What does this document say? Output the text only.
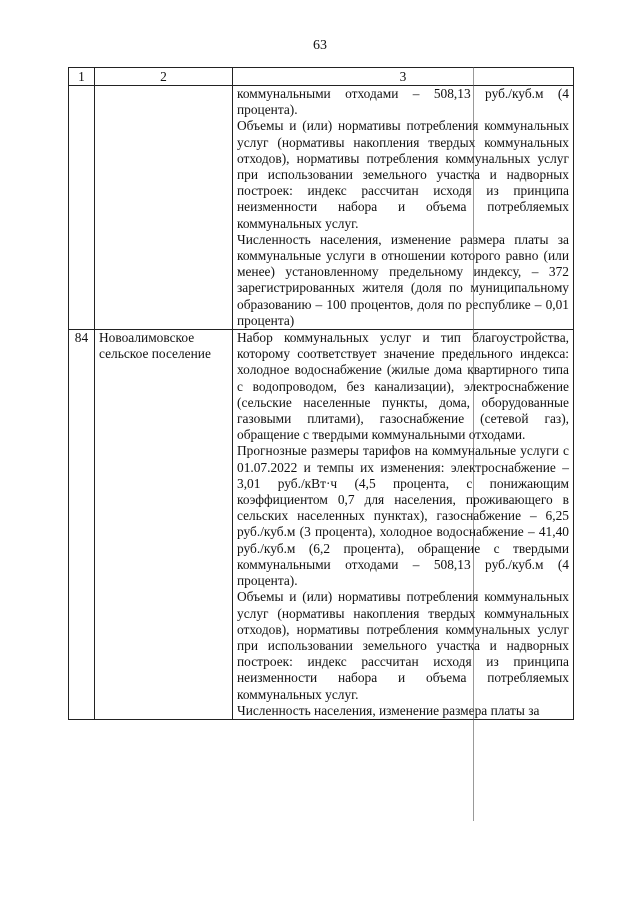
63
1	2	3

		коммунальными отходами – 508,13 руб./куб.м (4 процента).
Объемы и (или) нормативы потребления коммунальных услуг (нормативы накопления твердых коммунальных отходов), нормативы потребления коммунальных услуг при использовании земельного участка и надворных построек: индекс рассчитан исходя из принципа неизменности набора и объема потребляемых коммунальных услуг.
Численность населения, изменение размера платы за коммунальные услуги в отношении которого равно (или менее) установленному предельному индексу, – 372 зарегистрированных жителя (доля по муниципальному образованию – 100 процентов, доля по республике – 0,01 процента)

84	Новоалимовское сельское поселение	Набор коммунальных услуг и тип благоустройства, которому соответствует значение предельного индекса: холодное водоснабжение (жилые дома квартирного типа с водопроводом, без канализации), электроснабжение (сельские населенные пункты, дома, оборудованные газовыми плитами), газоснабжение (сетевой газ), обращение с твердыми коммунальными отходами.
Прогнозные размеры тарифов на коммунальные услуги с 01.07.2022 и темпы их изменения: электроснабжение – 3,01 руб./кВт·ч (4,5 процента, с понижающим коэффициентом 0,7 для населения, проживающего в сельских населенных пунктах), газоснабжение – 6,25 руб./куб.м (3 процента), холодное водоснабжение – 41,40 руб./куб.м (6,2 процента), обращение с твердыми коммунальными отходами – 508,13 руб./куб.м (4 процента).
Объемы и (или) нормативы потребления коммунальных услуг (нормативы накопления твердых коммунальных отходов), нормативы потребления коммунальных услуг при использовании земельного участка и надворных построек: индекс рассчитан исходя из принципа неизменности набора и объема потребляемых коммунальных услуг.
Численность населения, изменение размера платы за
